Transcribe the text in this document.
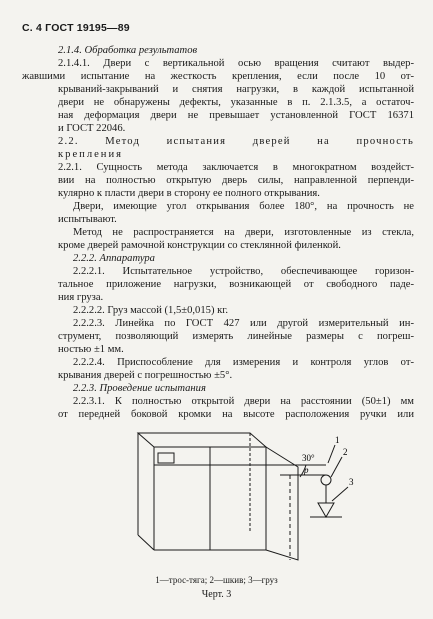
С. 4 ГОСТ 19195—89
2.1.4. Обработка результатов
2.1.4.1. Двери с вертикальной осью вращения считают выдер-
жавшими испытание на жесткость крепления, если после 10 от-
крываний-закрываний и снятия нагрузки, в каждой испытанной
двери не обнаружены дефекты, указанные в п. 2.1.3.5, а остаточ-
ная деформация двери не превышает установленной ГОСТ 16371
и ГОСТ 22046.
2.2. Метод испытания дверей на прочность
крепления
2.2.1. Сущность метода заключается в многократном воздейст-
вии на полностью открытую дверь силы, направленной перпенди-
кулярно к пласти двери в сторону ее полного открывания.
Двери, имеющие угол открывания более 180°, на прочность не
испытывают.
Метод не распространяется на двери, изготовленные из стекла,
кроме дверей рамочной конструкции со стеклянной филенкой.
2.2.2. Аппаратура
2.2.2.1. Испытательное устройство, обеспечивающее горизон-
тальное приложение нагрузки, возникающей от свободного паде-
ния груза.
2.2.2.2. Груз массой (1,5±0,015) кг.
2.2.2.3. Линейка по ГОСТ 427 или другой измерительный ин-
струмент, позволяющий измерять линейные размеры с погреш-
ностью ±1 мм.
2.2.2.4. Приспособление для измерения и контроля углов от-
крывания дверей с погрешностью ±5°.
2.2.3. Проведение испытания
2.2.3.1. К полностью открытой двери на расстоянии (50±1) мм
от передней боковой кромки на высоте расположения ручки или
30°
p
1
2
3
1—трос-тяга; 2—шкив; 3—груз
Черт. 3
